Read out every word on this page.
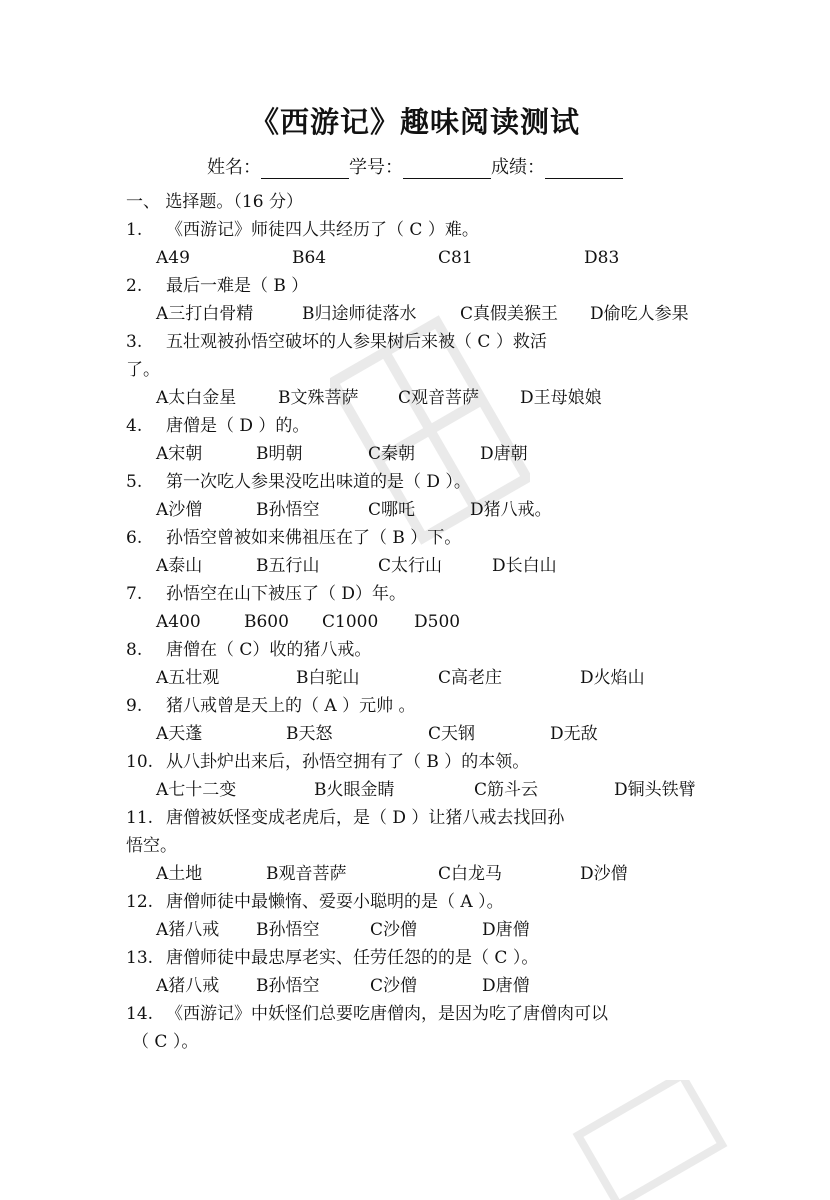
《西游记》趣味阅读测试
姓名：	学号：	成绩：
一、 选择题。（16 分）
1. 《西游记》师徒四人共经历了（ C ）难。
A49	B64	C81	D83
2. 最后一难是（ B ）
A三打白骨精	B归途师徒落水	C真假美猴王 D偷吃人参果
3. 五壮观被孙悟空破坏的人参果树后来被（ C ）救活
了。
A太白金星 B文殊菩萨 C观音菩萨 D王母娘娘
4. 唐僧是（ D ）的。
A宋朝	B明朝	C秦朝	D唐朝
5. 第一次吃人参果没吃出味道的是（ D ）。
A沙僧	B孙悟空	C哪吒	D猪八戒。
6. 孙悟空曾被如来佛祖压在了（ B ）下。
A泰山	B五行山	C太行山	D长白山
7. 孙悟空在山下被压了（ D）年。
A400	B600 C1000 D500
8. 唐僧在（ C）收的猪八戒。
A五壮观	B白驼山	C高老庄	D火焰山
9. 猪八戒曾是天上的（ A ）元帅 。
A天蓬	B天怒	C天钢	D无敌
10. 从八卦炉出来后，孙悟空拥有了（ B ）的本领。
A七十二变	B火眼金睛	C筋斗云	D铜头铁臂
11. 唐僧被妖怪变成老虎后，是（ D ）让猪八戒去找回孙
悟空。
A土地	B观音菩萨	C白龙马	D沙僧
12. 唐僧师徒中最懒惰、爱耍小聪明的是（ A ）。
A猪八戒 B孙悟空	C沙僧	D唐僧
13. 唐僧师徒中最忠厚老实、任劳任怨的的是（ C ）。
A猪八戒 B孙悟空	C沙僧	D唐僧
14. 《西游记》中妖怪们总要吃唐僧肉，是因为吃了唐僧肉可以
（ C ）。
